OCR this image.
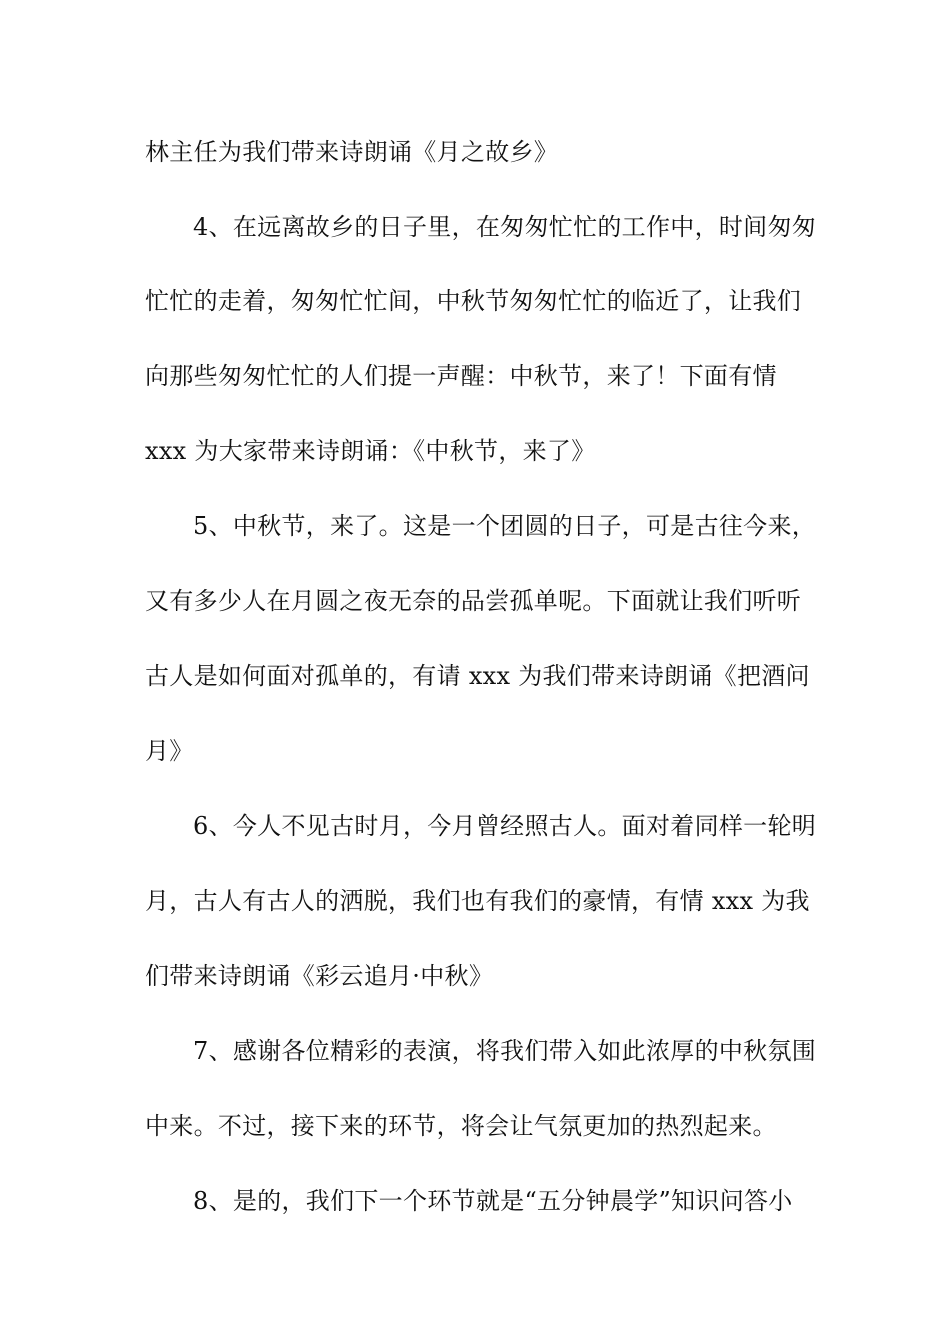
林主任为我们带来诗朗诵《月之故乡》
4、在远离故乡的日子里，在匆匆忙忙的工作中，时间匆匆
忙忙的走着，匆匆忙忙间，中秋节匆匆忙忙的临近了，让我们
向那些匆匆忙忙的人们提一声醒：中秋节，来了！下面有情
xxx 为大家带来诗朗诵：《中秋节，来了》
5、中秋节，来了。这是一个团圆的日子，可是古往今来，
又有多少人在月圆之夜无奈的品尝孤单呢。下面就让我们听听
古人是如何面对孤单的，有请 xxx 为我们带来诗朗诵《把酒问
月》
6、今人不见古时月，今月曾经照古人。面对着同样一轮明
月，古人有古人的洒脱，我们也有我们的豪情，有情 xxx 为我
们带来诗朗诵《彩云追月·中秋》
7、感谢各位精彩的表演，将我们带入如此浓厚的中秋氛围
中来。不过，接下来的环节，将会让气氛更加的热烈起来。
8、是的，我们下一个环节就是“五分钟晨学”知识问答小
